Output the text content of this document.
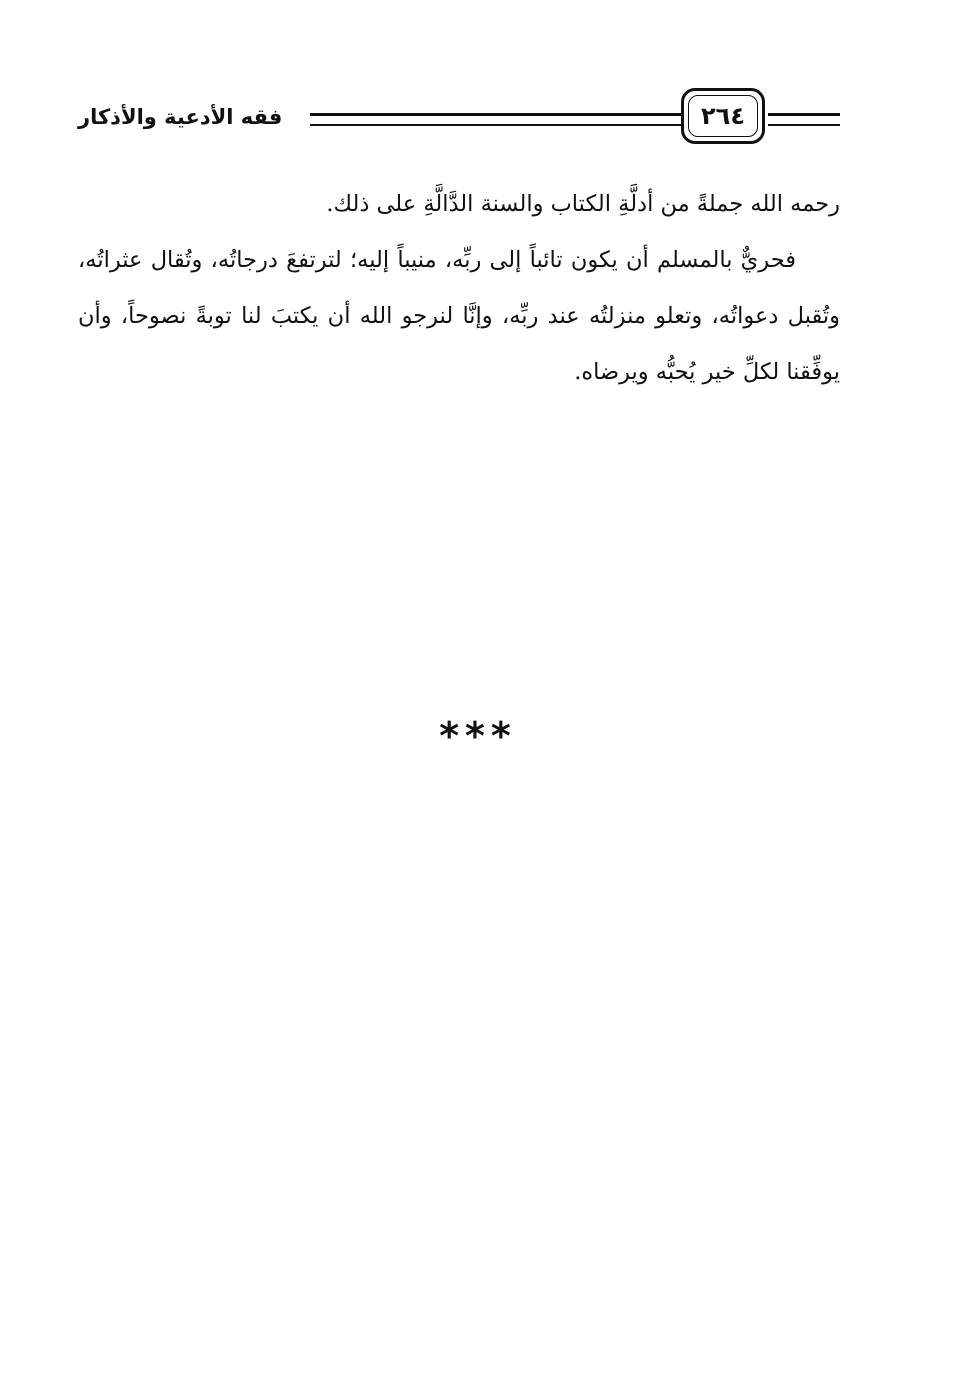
فقه الأدعية والأذكار	٢٦٤

رحمه الله جملةً من أدلَّةِ الكتاب والسنة الدَّالَّةِ على ذلك.

فحريٌّ بالمسلم أن يكون تائباً إلى ربِّه، منيباً إليه؛ لترتفعَ درجاتُه، وتُقال عثراتُه، وتُقبل دعواتُه، وتعلو منزلتُه عند ربِّه، وإنَّا لنرجو الله أن يكتبَ لنا توبةً نصوحاً، وأن يوفِّقنا لكلِّ خير يُحبُّه ويرضاه.

***
